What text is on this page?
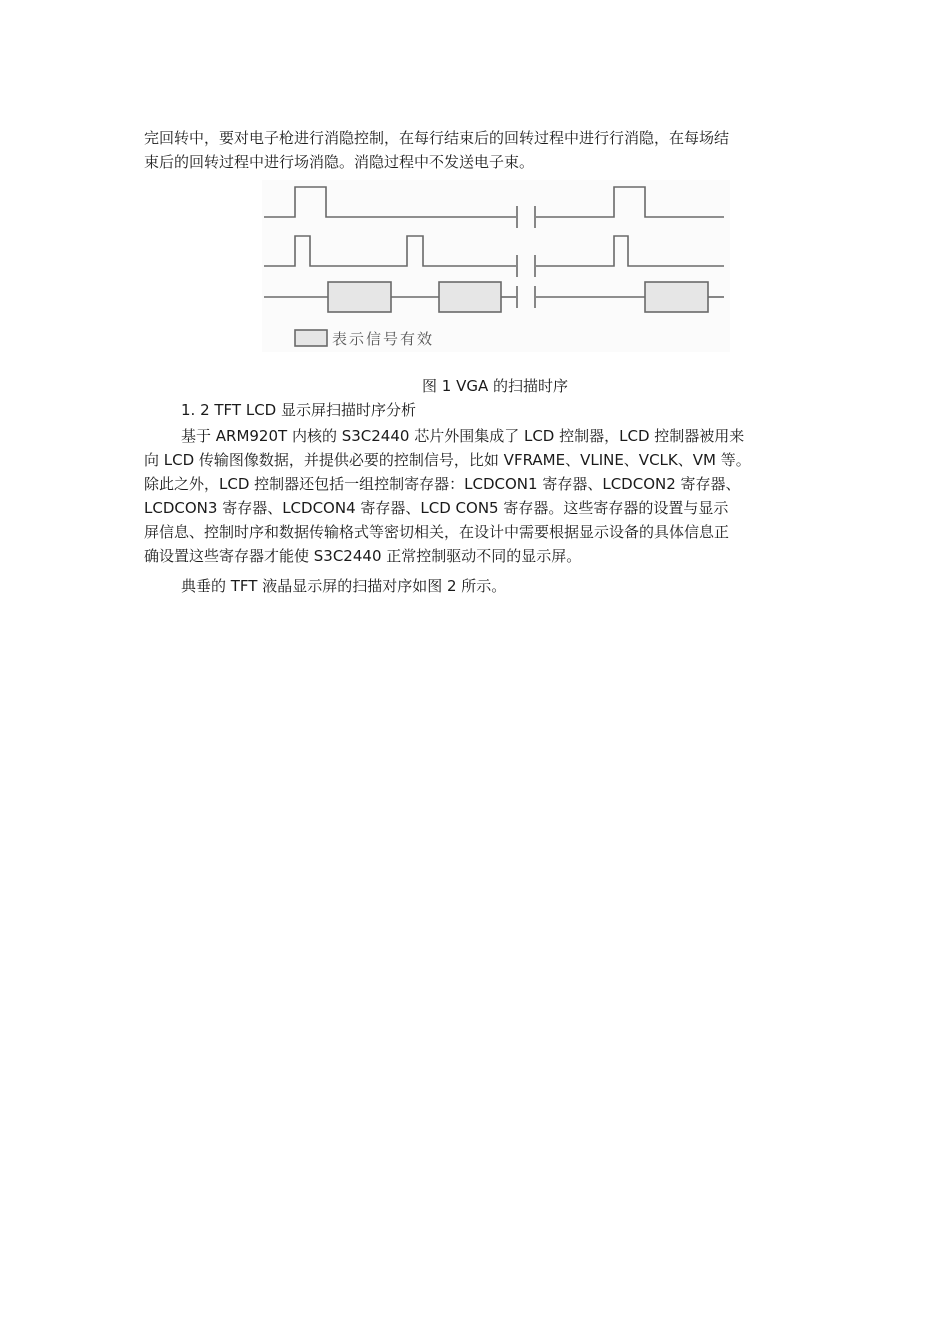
完回转中，要对电子枪进行消隐控制，在每行结束后的回转过程中进行行消隐，在每场结
束后的回转过程中进行场消隐。消隐过程中不发送电子束。
表示信号有效
图 1 VGA 的扫描时序
1. 2 TFT LCD 显示屏扫描时序分析
基于 ARM920T 内核的 S3C2440 芯片外围集成了 LCD 控制器，LCD 控制器被用来
向 LCD 传输图像数据，并提供必要的控制信号，比如 VFRAME、VLINE、VCLK、VM 等。
除此之外，LCD 控制器还包括一组控制寄存器：LCDCON1 寄存器、LCDCON2 寄存器、
LCDCON3 寄存器、LCDCON4 寄存器、LCD CON5 寄存器。这些寄存器的设置与显示
屏信息、控制时序和数据传输格式等密切相关，在设计中需要根据显示设备的具体信息正
确设置这些寄存器才能使 S3C2440 正常控制驱动不同的显示屏。
典垂的 TFT 液晶显示屏的扫描对序如图 2 所示。
